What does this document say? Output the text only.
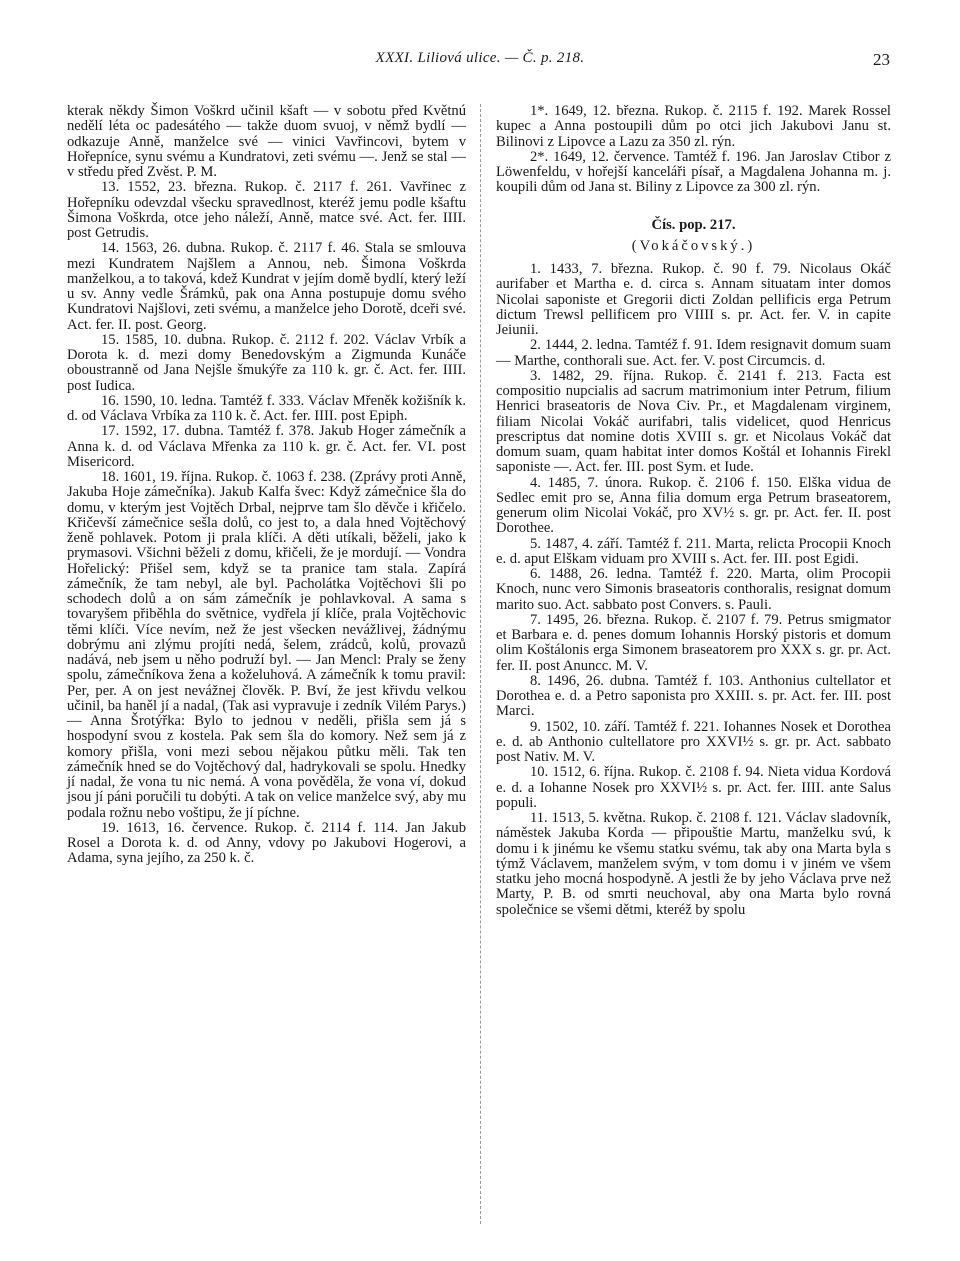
XXXI. Liliová ulice. — Č. p. 218.	23

kterak někdy Šimon Voškrd učinil kšaft — v sobotu před Květnú nedělí léta oc padesátého — takže duom svuoj, v němž bydlí — odkazuje Anně, manželce své — vinici Vavřincovi, bytem v Hořepníce, synu svému a Kundratovi, zeti svému —. Jenž se stal — v středu před Zvěst. P. M.

13. 1552, 23. března. Rukop. č. 2117 f. 261. Vavřinec z Hořepníku odevzdal všecku spravedlnost, kteréž jemu podle kšaftu Šimona Voškrda, otce jeho náleží, Anně, matce své. Act. fer. IIII. post Getrudis.

14. 1563, 26. dubna. Rukop. č. 2117 f. 46. Stala se smlouva mezi Kundratem Najšlem a Annou, neb. Šimona Voškrda manželkou, a to taková, kdež Kundrat v jejím domě bydlí, který leží u sv. Anny vedle Šrámků, pak ona Anna postupuje domu svého Kundratovi Najšlovi, zeti svému, a manželce jeho Dorotě, dceři své. Act. fer. II. post. Georg.

15. 1585, 10. dubna. Rukop. č. 2112 f. 202. Václav Vrbík a Dorota k. d. mezi domy Benedovským a Zigmunda Kunáče oboustranně od Jana Nejšle šmukýře za 110 k. gr. č. Act. fer. IIII. post Iudica.

16. 1590, 10. ledna. Tamtéž f. 333. Václav Mřeněk kožišník k. d. od Václava Vrbíka za 110 k. č. Act. fer. IIII. post Epiph.

17. 1592, 17. dubna. Tamtéž f. 378. Jakub Hoger zámečník a Anna k. d. od Václava Mřenka za 110 k. gr. č. Act. fer. VI. post Misericord.

18. 1601, 19. října. Rukop. č. 1063 f. 238. (Zprávy proti Anně, Jakuba Hoje zámečníka). Jakub Kalfa švec: Když zámečnice šla do domu, v kterým jest Vojtěch Drbal, nejprve tam šlo děvče i křičelo. Křičevší zámečnice sešla dolů, co jest to, a dala hned Vojtěchový ženě pohlavek. Potom ji prala klíči. A děti utíkali, běželi, jako k prymasovi. Všichni běželi z domu, křičeli, že je mordují. — Vondra Hořelický: Přišel sem, když se ta pranice tam stala. Zapírá zámečník, že tam nebyl, ale byl. Pacholátka Vojtěchovi šli po schodech dolů a on sám zámečník je pohlavkoval. A sama s tovaryšem přiběhla do světnice, vydřela jí klíče, prala Vojtěchovic těmi klíči. Více nevím, než že jest všecken nevážlivej, žádnýmu dobrýmu ani zlýmu projíti nedá, šelem, zrádců, kolů, provazů nadává, neb jsem u něho podruží byl. — Jan Mencl: Praly se ženy spolu, zámečníkova žena a koželuhová. A zámečník k tomu pravil: Per, per. A on jest nevážnej člověk. P. Bví, že jest křivdu velkou učinil, ba haněl jí a nadal, (Tak asi vypravuje i zedník Vilém Parys.) — Anna Šrotýřka: Bylo to jednou v neděli, přišla sem já s hospodyní svou z kostela. Pak sem šla do komory. Než sem já z komory přišla, voni mezi sebou nějakou půtku měli. Tak ten zámečník hned se do Vojtěchový dal, hadrykovali se spolu. Hnedky jí nadal, že vona tu nic nemá. A vona pověděla, že vona ví, dokud jsou jí páni poručili tu dobýti. A tak on velice manželce svý, aby mu podala rožnu nebo voštipu, že jí píchne.

19. 1613, 16. července. Rukop. č. 2114 f. 114. Jan Jakub Rosel a Dorota k. d. od Anny, vdovy po Jakubovi Hogerovi, a Adama, syna jejího, za 250 k. č.

1*. 1649, 12. března. Rukop. č. 2115 f. 192. Marek Rossel kupec a Anna postoupili dům po otci jich Jakubovi Janu st. Bilinovi z Lipovce a Lazu za 350 zl. rýn.

2*. 1649, 12. července. Tamtéž f. 196. Jan Jaroslav Ctibor z Löwenfeldu, v hořejší kanceláři písař, a Magdalena Johanna m. j. koupili dům od Jana st. Biliny z Lipovce za 300 zl. rýn.

Čís. pop. 217.
(Vokáčovský.)

1. 1433, 7. března. Rukop. č. 90 f. 79. Nicolaus Okáč aurifaber et Martha e. d. circa s. Annam situatam inter domos Nicolai saponiste et Gregorii dicti Zoldan pellificis erga Petrum dictum Trewsl pellificem pro VIIII s. pr. Act. fer. V. in capite Jeiunii.

2. 1444, 2. ledna. Tamtéž f. 91. Idem resignavit domum suam — Marthe, conthorali sue. Act. fer. V. post Circumcis. d.

3. 1482, 29. října. Rukop. č. 2141 f. 213. Facta est compositio nupcialis ad sacrum matrimonium inter Petrum, filium Henrici braseatoris de Nova Civ. Pr., et Magdalenam virginem, filiam Nicolai Vokáč aurifabri, talis videlicet, quod Henricus prescriptus dat nomine dotis XVIII s. gr. et Nicolaus Vokáč dat domum suam, quam habitat inter domos Koštál et Iohannis Firekl saponiste —. Act. fer. III. post Sym. et Iude.

4. 1485, 7. února. Rukop. č. 2106 f. 150. Elška vidua de Sedlec emit pro se, Anna filia domum erga Petrum braseatorem, generum olim Nicolai Vokáč, pro XV½ s. gr. pr. Act. fer. II. post Dorothee.

5. 1487, 4. září. Tamtéž f. 211. Marta, relicta Procopii Knoch e. d. aput Elškam viduam pro XVIII s. Act. fer. III. post Egidi.

6. 1488, 26. ledna. Tamtéž f. 220. Marta, olim Procopii Knoch, nunc vero Simonis braseatoris conthoralis, resignat domum marito suo. Act. sabbato post Convers. s. Pauli.

7. 1495, 26. března. Rukop. č. 2107 f. 79. Petrus smigmator et Barbara e. d. penes domum Iohannis Horský pistoris et domum olim Koštálonis erga Simonem braseatorem pro XXX s. gr. pr. Act. fer. II. post Anuncc. M. V.

8. 1496, 26. dubna. Tamtéž f. 103. Anthonius cultellator et Dorothea e. d. a Petro saponista pro XXIII. s. pr. Act. fer. III. post Marci.

9. 1502, 10. září. Tamtéž f. 221. Iohannes Nosek et Dorothea e. d. ab Anthonio cultellatore pro XXVI½ s. gr. pr. Act. sabbato post Nativ. M. V.

10. 1512, 6. října. Rukop. č. 2108 f. 94. Nieta vidua Kordová e. d. a Iohanne Nosek pro XXVI½ s. pr. Act. fer. IIII. ante Salus populi.

11. 1513, 5. května. Rukop. č. 2108 f. 121. Václav sladovník, náměstek Jakuba Korda — připouštie Martu, manželku svú, k domu i k jinému ke všemu statku svému, tak aby ona Marta byla s týmž Václavem, manželem svým, v tom domu i v jiném ve všem statku jeho mocná hospodyně. A jestli že by jeho Václava prve než Marty, P. B. od smrti neuchoval, aby ona Marta bylo rovná společnice se všemi dětmi, kteréž by spolu
